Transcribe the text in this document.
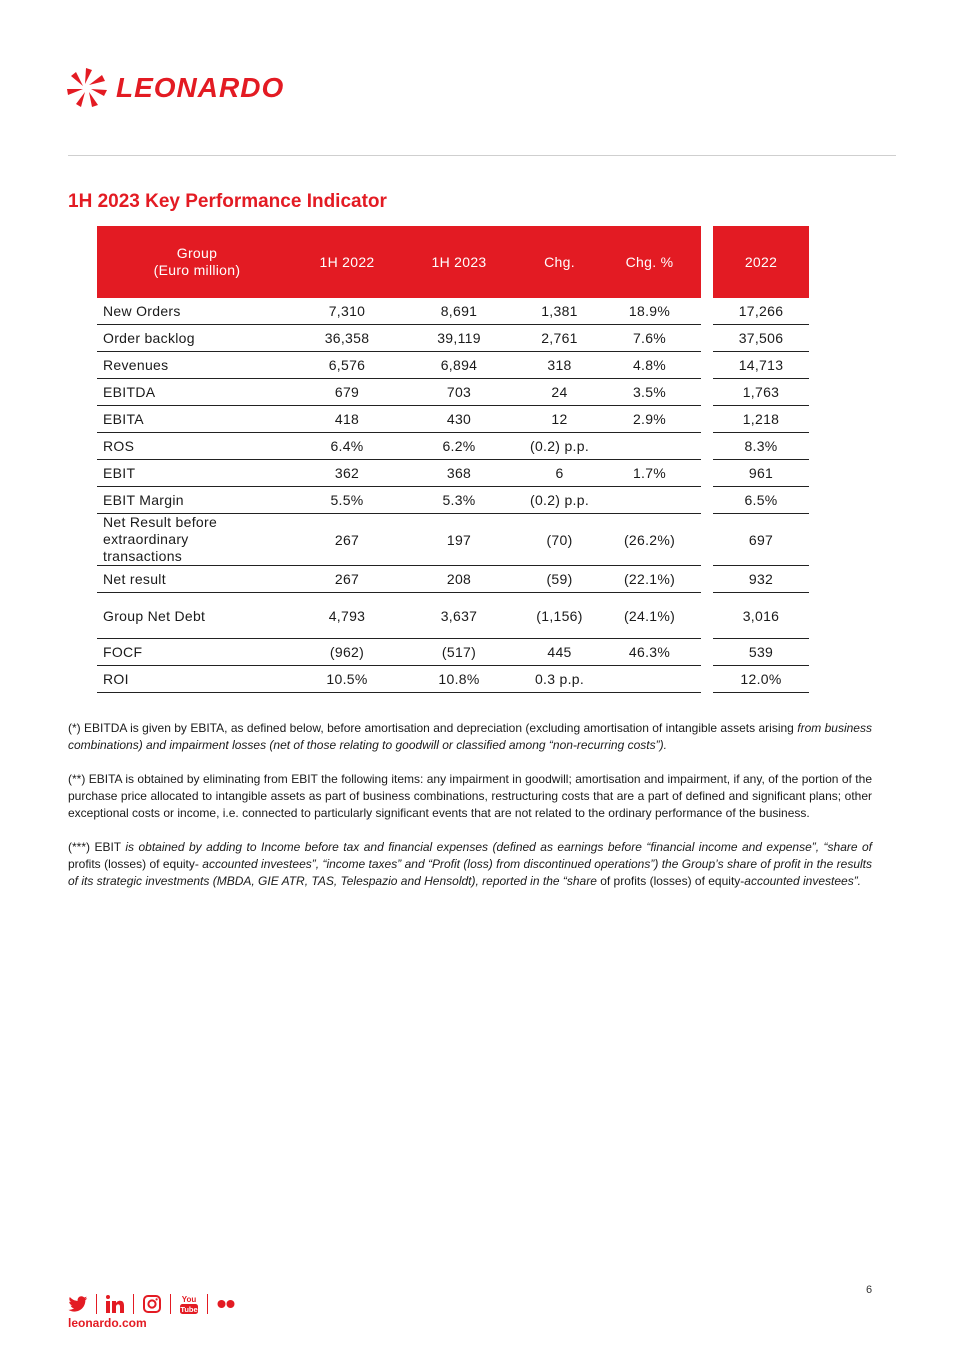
LEONARDO
1H 2023 Key Performance Indicator
Group
(Euro million)	1H 2022	1H 2023	Chg.	Chg. %		2022
New Orders	7,310	8,691	1,381	18.9%		17,266
Order backlog	36,358	39,119	2,761	7.6%		37,506
Revenues	6,576	6,894	318	4.8%		14,713
EBITDA	679	703	24	3.5%		1,763
EBITA	418	430	12	2.9%		1,218
ROS	6.4%	6.2%	(0.2) p.p.			8.3%
EBIT	362	368	6	1.7%		961
EBIT Margin	5.5%	5.3%	(0.2) p.p.			6.5%
Net Result before
extraordinary
transactions	267	197	(70)	(26.2%)		697
Net result	267	208	(59)	(22.1%)		932
Group Net Debt	4,793	3,637	(1,156)	(24.1%)		3,016
FOCF	(962)	(517)	445	46.3%		539
ROI	10.5%	10.8%	0.3 p.p.			12.0%

(*) EBITDA is given by EBITA, as defined below, before amortisation and depreciation (excluding amortisation of intangible assets arising from business combinations) and impairment losses (net of those relating to goodwill or classified among “non-recurring costs”).

(**) EBITA is obtained by eliminating from EBIT the following items: any impairment in goodwill; amortisation and impairment, if any, of the portion of the purchase price allocated to intangible assets as part of business combinations, restructuring costs that are a part of defined and significant plans; other exceptional costs or income, i.e. connected to particularly significant events that are not related to the ordinary performance of the business.

(***) EBIT is obtained by adding to Income before tax and financial expenses (defined as earnings before “financial income and expense”, “share of profits (losses) of equity- accounted investees”, “income taxes” and “Profit (loss) from discontinued operations”) the Group’s share of profit in the results of its strategic investments (MBDA, GIE ATR, TAS, Telespazio and Hensoldt), reported in the “share of profits (losses) of equity-accounted investees”.

6
You
Tube
leonardo.com
